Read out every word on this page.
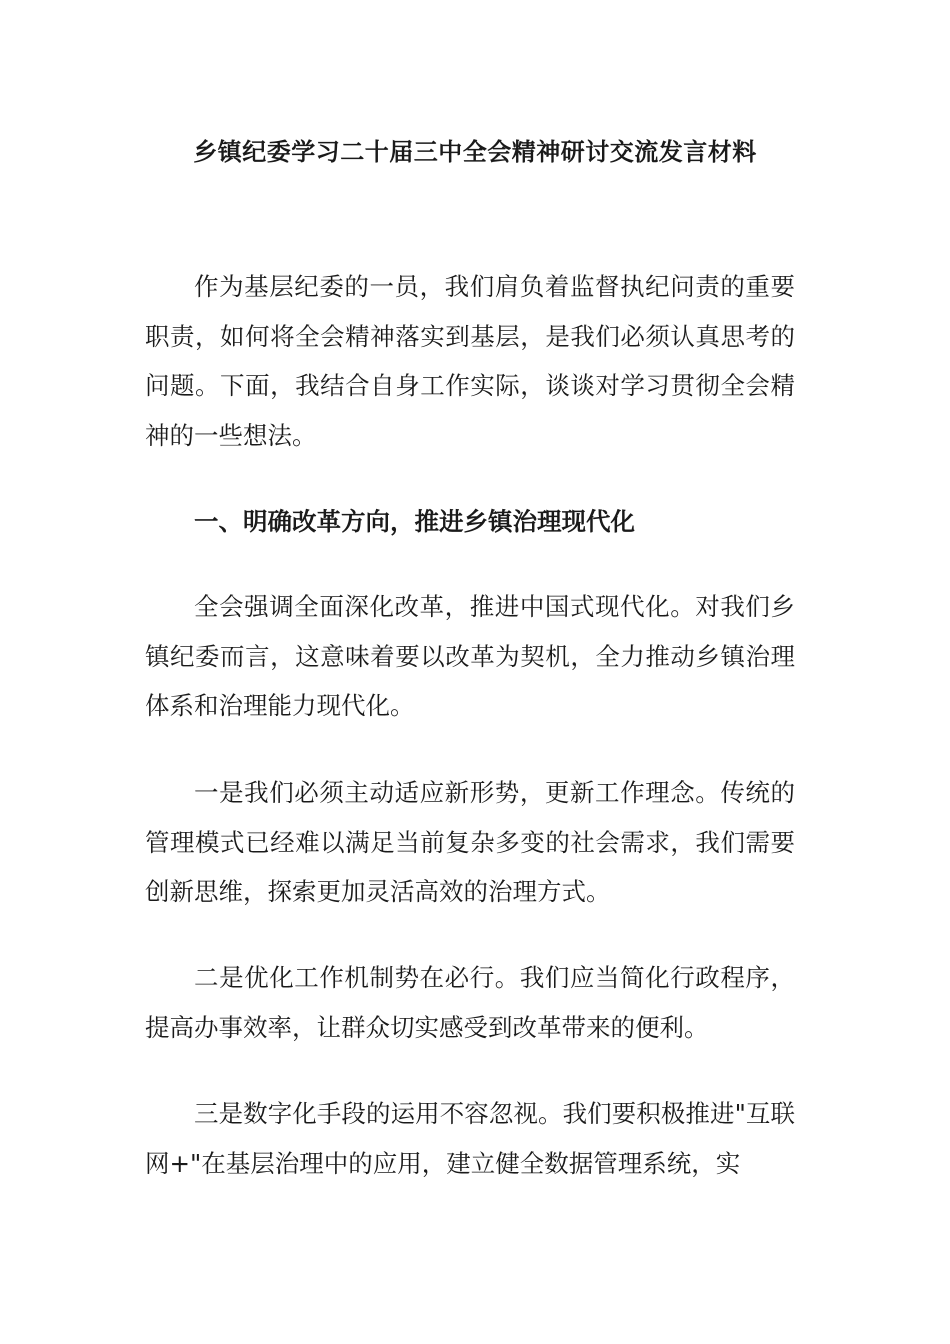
乡镇纪委学习二十届三中全会精神研讨交流发言材料

作为基层纪委的一员，我们肩负着监督执纪问责的重要职责，如何将全会精神落实到基层，是我们必须认真思考的问题。下面，我结合自身工作实际，谈谈对学习贯彻全会精神的一些想法。

一、明确改革方向，推进乡镇治理现代化

全会强调全面深化改革，推进中国式现代化。对我们乡镇纪委而言，这意味着要以改革为契机，全力推动乡镇治理体系和治理能力现代化。

一是我们必须主动适应新形势，更新工作理念。传统的管理模式已经难以满足当前复杂多变的社会需求，我们需要创新思维，探索更加灵活高效的治理方式。

二是优化工作机制势在必行。我们应当简化行政程序，提高办事效率，让群众切实感受到改革带来的便利。

三是数字化手段的运用不容忽视。我们要积极推进"互联网+"在基层治理中的应用，建立健全数据管理系统，实
